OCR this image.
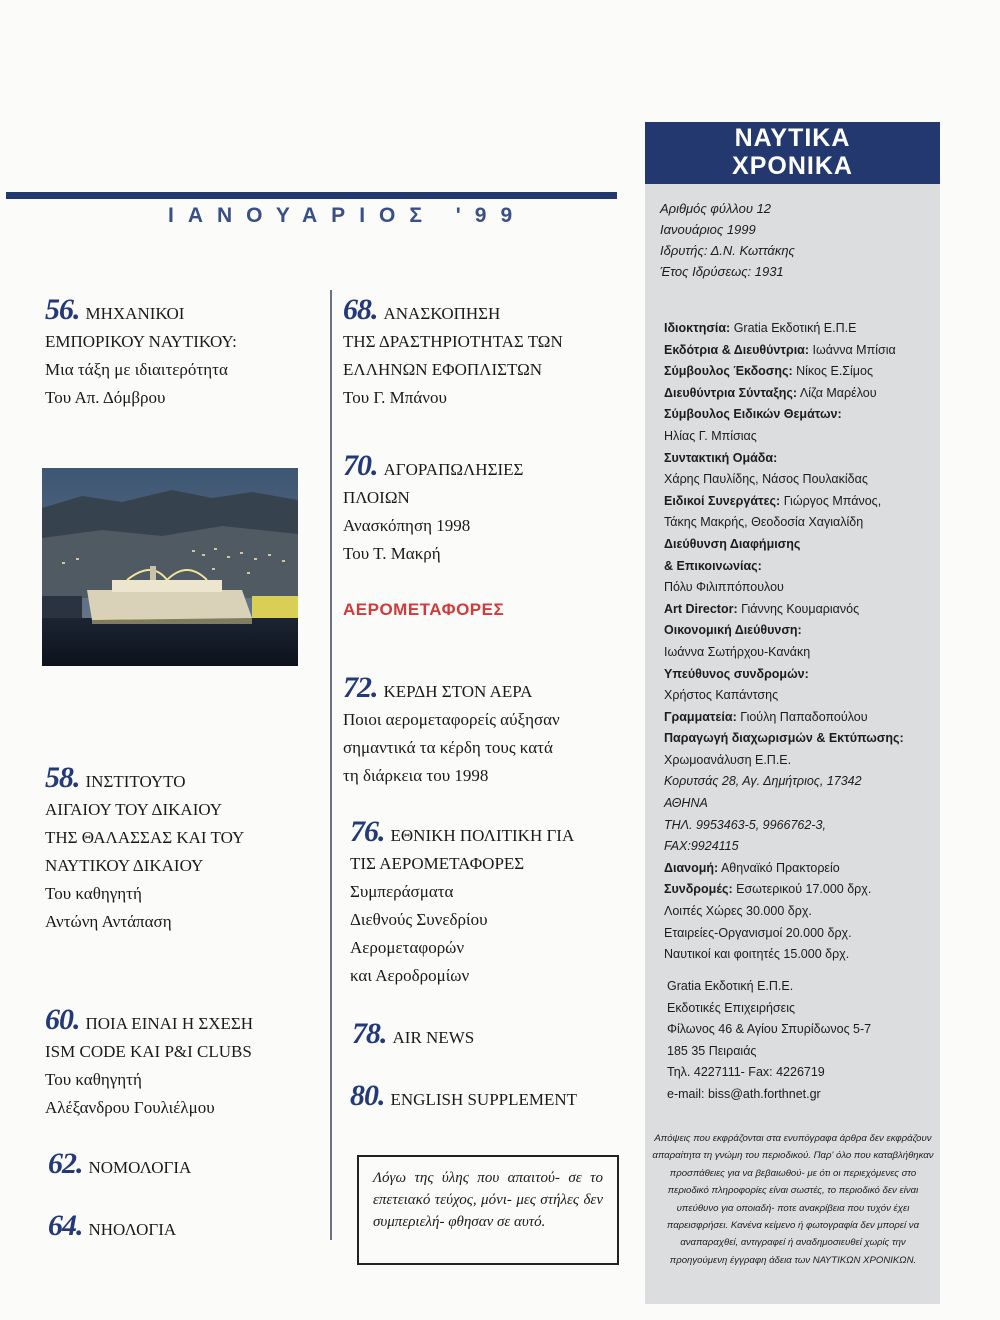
ΙΑΝΟΥΑΡΙΟΣ '99
56. ΜΗΧΑΝΙΚΟΙ
ΕΜΠΟΡΙΚΟΥ ΝΑΥΤΙΚΟΥ:
Μια τάξη με ιδιαιτερότητα
Του Απ. Δόμβρου
58. ΙΝΣΤΙΤΟΥΤΟ
ΑΙΓΑΙΟΥ ΤΟΥ ΔΙΚΑΙΟΥ
ΤΗΣ ΘΑΛΑΣΣΑΣ ΚΑΙ ΤΟΥ
ΝΑΥΤΙΚΟΥ ΔΙΚΑΙΟΥ
Του καθηγητή
Αντώνη Αντάπαση
60. ΠΟΙΑ ΕΙΝΑΙ Η ΣΧΕΣΗ
ISM CODE ΚΑΙ P&I CLUBS
Του καθηγητή
Αλέξανδρου Γουλιέλμου
62. ΝΟΜΟΛΟΓΙΑ
64. ΝΗΟΛΟΓΙΑ
68. ΑΝΑΣΚΟΠΗΣΗ
ΤΗΣ ΔΡΑΣΤΗΡΙΟΤΗΤΑΣ ΤΩΝ
ΕΛΛΗΝΩΝ ΕΦΟΠΛΙΣΤΩΝ
Του Γ. Μπάνου
70. ΑΓΟΡΑΠΩΛΗΣΙΕΣ
ΠΛΟΙΩΝ
Ανασκόπηση 1998
Του Τ. Μακρή
ΑΕΡΟΜΕΤΑΦΟΡΕΣ
72. ΚΕΡΔΗ ΣΤΟΝ ΑΕΡΑ
Ποιοι αερομεταφορείς αύξησαν
σημαντικά τα κέρδη τους κατά
τη διάρκεια του 1998
76. ΕΘΝΙΚΗ ΠΟΛΙΤΙΚΗ ΓΙΑ
ΤΙΣ ΑΕΡΟΜΕΤΑΦΟΡΕΣ
Συμπεράσματα
Διεθνούς Συνεδρίου
Αερομεταφορών
και Αεροδρομίων
78. AIR NEWS
80. ENGLISH SUPPLEMENT
Λόγω της ύλης που απαιτού- σε το επετειακό τεύχος, μόνι- μες στήλες δεν συμπεριελή- φθησαν σε αυτό.
ΝΑΥΤΙΚΑ
ΧΡΟΝΙΚΑ
Αριθμός φύλλου 12
Ιανουάριος 1999
Ιδρυτής: Δ.Ν. Κωττάκης
Έτος Ιδρύσεως: 1931
Ιδιοκτησία: Gratia Εκδοτική Ε.Π.Ε
Εκδότρια & Διευθύντρια: Ιωάννα Μπίσια
Σύμβουλος Έκδοσης: Νίκος Ε.Σίμος
Διευθύντρια Σύνταξης: Λίζα Μαρέλου
Σύμβουλος Ειδικών Θεμάτων:
Ηλίας Γ. Μπίσιας
Συντακτική Ομάδα:
Χάρης Παυλίδης, Νάσος Πουλακίδας
Ειδικοί Συνεργάτες: Γιώργος Μπάνος,
Τάκης Μακρής, Θεοδοσία Χαγιαλίδη
Διεύθυνση Διαφήμισης
& Επικοινωνίας:
Πόλυ Φιλιππόπουλου
Art Director: Γιάννης Κουμαριανός
Οικονομική Διεύθυνση:
Ιωάννα Σωτήρχου-Κανάκη
Υπεύθυνος συνδρομών:
Χρήστος Καπάντσης
Γραμματεία: Γιούλη Παπαδοπούλου
Παραγωγή διαχωρισμών & Εκτύπωσης:
Χρωμοανάλυση Ε.Π.Ε.
Κορυτσάς 28, Αγ. Δημήτριος, 17342
ΑΘΗΝΑ
ΤΗΛ. 9953463-5, 9966762-3,
FAX:9924115
Διανομή: Αθηναϊκό Πρακτορείο
Συνδρομές: Εσωτερικού 17.000 δρχ.
Λοιπές Χώρες 30.000 δρχ.
Εταιρείες-Οργανισμοί 20.000 δρχ.
Ναυτικοί και φοιτητές 15.000 δρχ.
Gratia Εκδοτική Ε.Π.Ε.
Εκδοτικές Επιχειρήσεις
Φίλωνος 46 & Αγίου Σπυρίδωνος 5-7
185 35 Πειραιάς
Τηλ. 4227111- Fax: 4226719
e-mail: biss@ath.forthnet.gr
Απόψεις που εκφράζονται στα ενυπόγραφα άρθρα δεν εκφράζουν απαραίτητα τη γνώμη του περιοδικού. Παρ' όλο που καταβλήθηκαν προσπάθειες για να βεβαιωθού- με ότι οι περιεχόμενες στο περιοδικό πληροφορίες είναι σωστές, το περιοδικό δεν είναι υπεύθυνο για οποιαδή- ποτε ανακρίβεια που τυχόν έχει παρεισφρήσει. Κανένα κείμενο ή φωτογραφία δεν μπορεί να αναπαραχθεί, αντιγραφεί ή αναδημοσιευθεί χωρίς την προηγούμενη έγγραφη άδεια των ΝΑΥΤΙΚΩΝ ΧΡΟΝΙΚΩΝ.
